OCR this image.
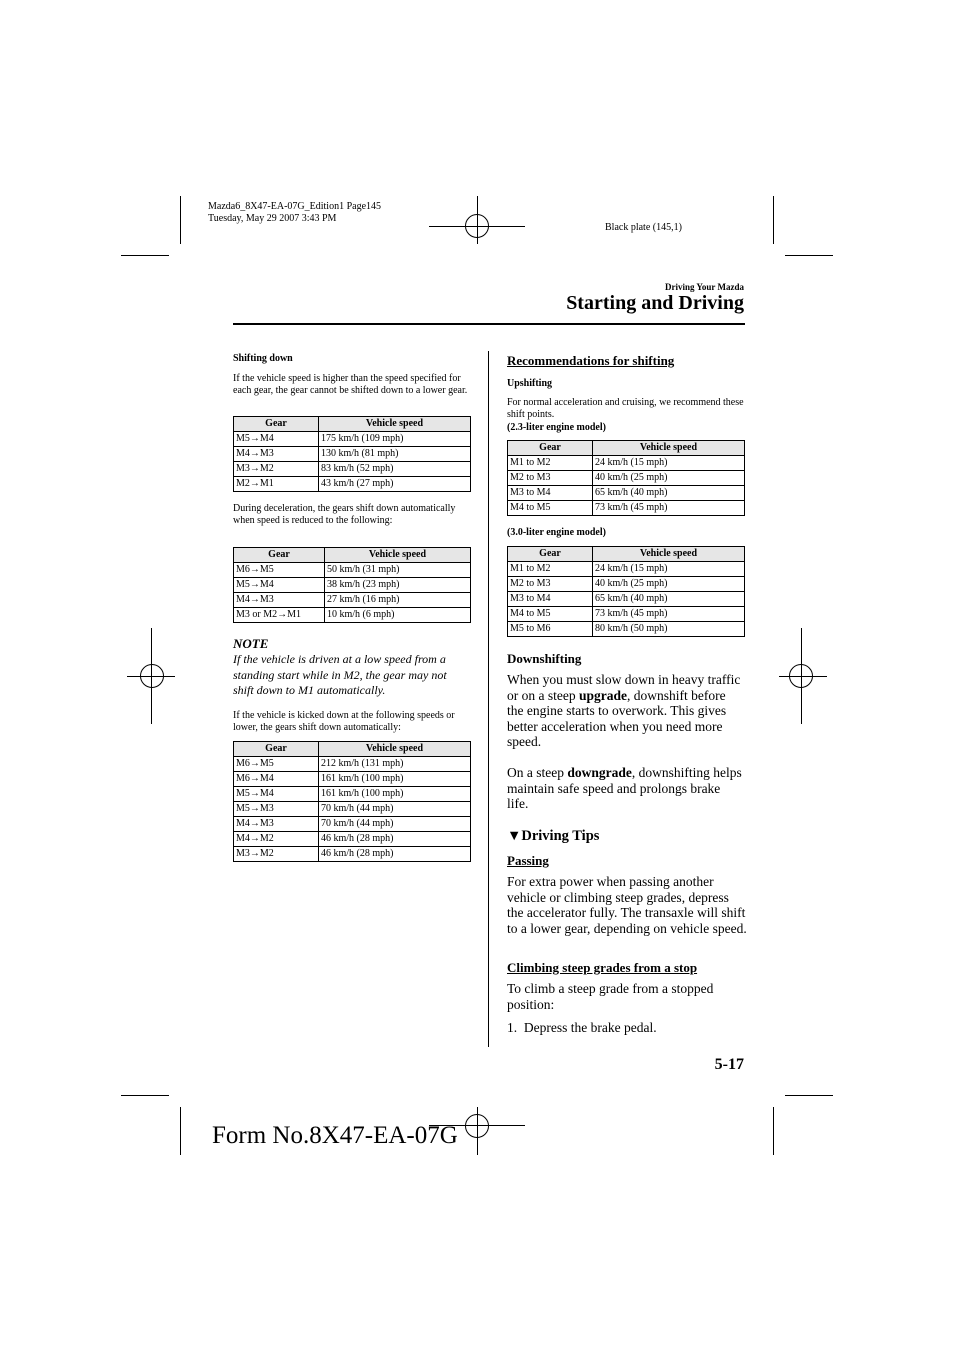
Mazda6_8X47-EA-07G_Edition1 Page145
Tuesday, May 29 2007 3:43 PM
Black plate (145,1)
Driving Your Mazda
Starting and Driving
Shifting down
If the vehicle speed is higher than the speed specified for each gear, the gear cannot be shifted down to a lower gear.
Gear	Vehicle speed
M5→M4	175 km/h (109 mph)
M4→M3	130 km/h (81 mph)
M3→M2	83 km/h (52 mph)
M2→M1	43 km/h (27 mph)
During deceleration, the gears shift down automatically when speed is reduced to the following:
Gear	Vehicle speed
M6→M5	50 km/h (31 mph)
M5→M4	38 km/h (23 mph)
M4→M3	27 km/h (16 mph)
M3 or M2→M1	10 km/h (6 mph)
NOTE
If the vehicle is driven at a low speed from a standing start while in M2, the gear may not shift down to M1 automatically.
If the vehicle is kicked down at the following speeds or lower, the gears shift down automatically:
Gear	Vehicle speed
M6→M5	212 km/h (131 mph)
M6→M4	161 km/h (100 mph)
M5→M4	161 km/h (100 mph)
M5→M3	70 km/h (44 mph)
M4→M3	70 km/h (44 mph)
M4→M2	46 km/h (28 mph)
M3→M2	46 km/h (28 mph)
Recommendations for shifting
Upshifting
For normal acceleration and cruising, we recommend these shift points.
(2.3-liter engine model)
Gear	Vehicle speed
M1 to M2	24 km/h (15 mph)
M2 to M3	40 km/h (25 mph)
M3 to M4	65 km/h (40 mph)
M4 to M5	73 km/h (45 mph)
(3.0-liter engine model)
Gear	Vehicle speed
M1 to M2	24 km/h (15 mph)
M2 to M3	40 km/h (25 mph)
M3 to M4	65 km/h (40 mph)
M4 to M5	73 km/h (45 mph)
M5 to M6	80 km/h (50 mph)
Downshifting
When you must slow down in heavy traffic or on a steep upgrade, downshift before the engine starts to overwork. This gives better acceleration when you need more speed.
On a steep downgrade, downshifting helps maintain safe speed and prolongs brake life.
▼Driving Tips
Passing
For extra power when passing another vehicle or climbing steep grades, depress the accelerator fully. The transaxle will shift to a lower gear, depending on vehicle speed.
Climbing steep grades from a stop
To climb a steep grade from a stopped position:
1. Depress the brake pedal.
5-17
Form No.8X47-EA-07G
